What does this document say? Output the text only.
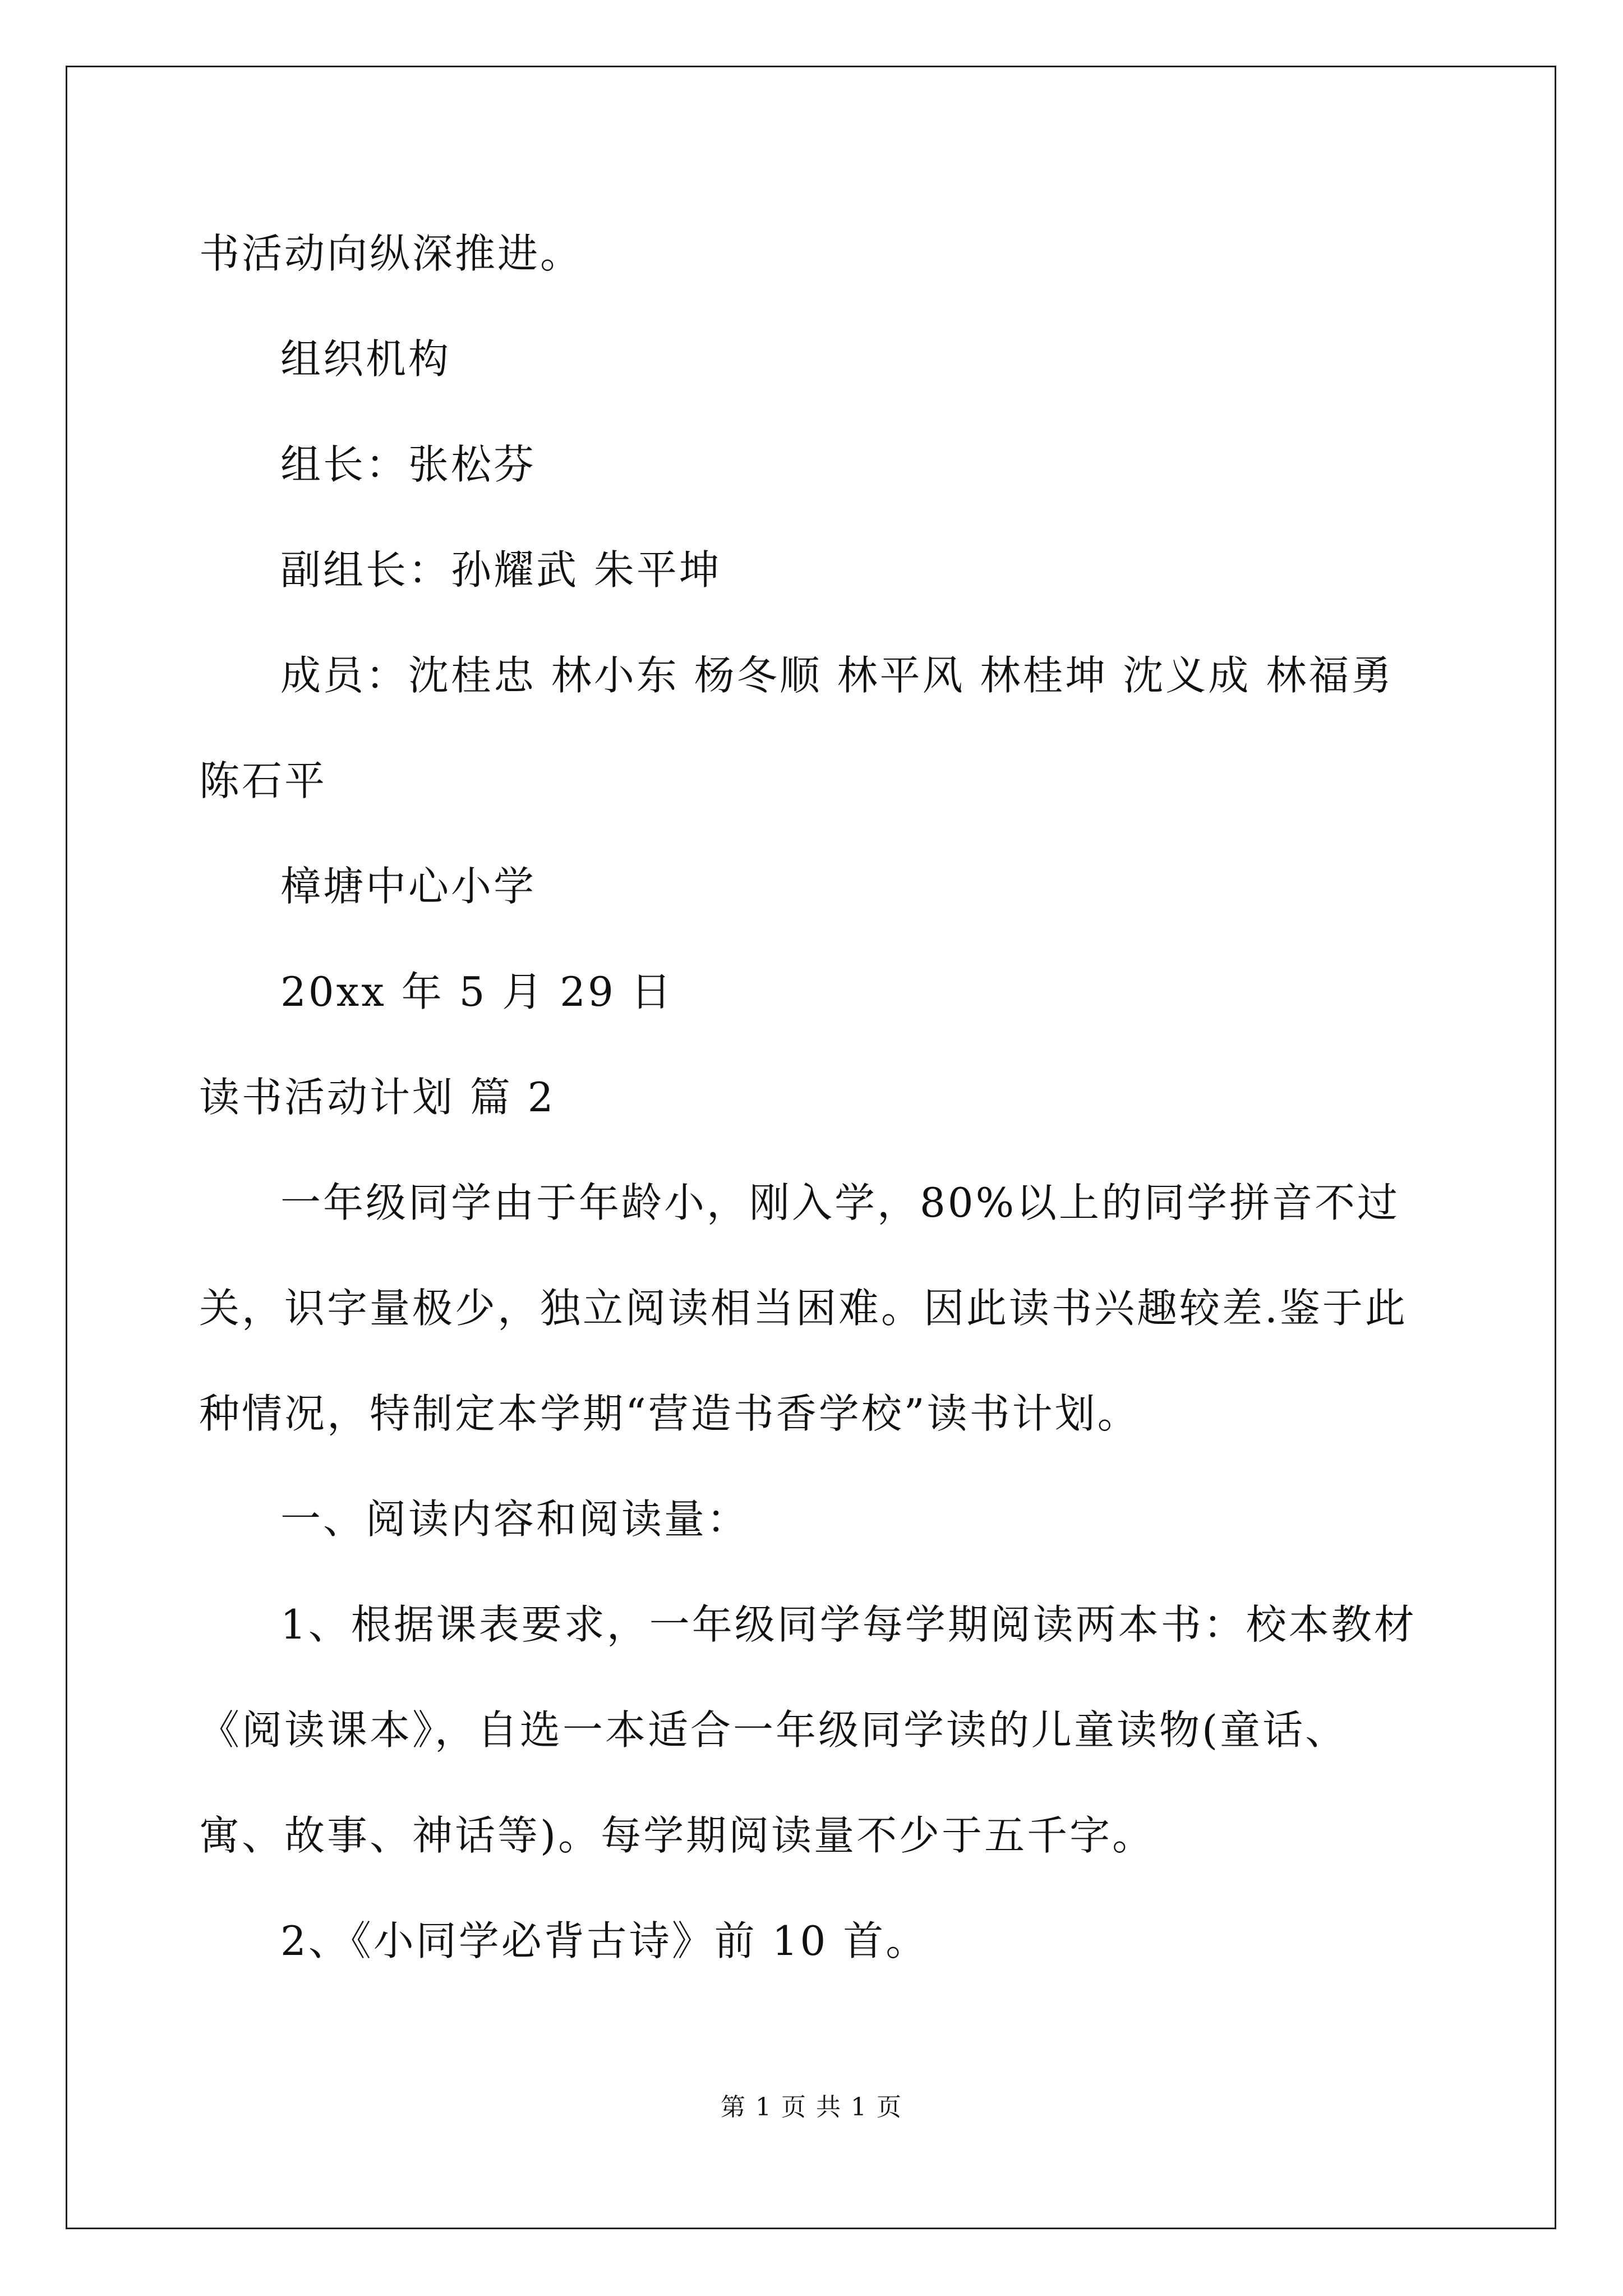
书活动向纵深推进。

组织机构

组长：张松芬

副组长：孙耀武 朱平坤

成员：沈桂忠 林小东 杨冬顺 林平风 林桂坤 沈义成 林福勇 陈石平

樟塘中心小学

20xx 年 5 月 29 日

读书活动计划 篇 2

一年级同学由于年龄小，刚入学，80%以上的同学拼音不过关，识字量极少，独立阅读相当困难。因此读书兴趣较差.鉴于此种情况，特制定本学期“营造书香学校”读书计划。

一、阅读内容和阅读量：

1、根据课表要求，一年级同学每学期阅读两本书：校本教材《阅读课本》，自选一本适合一年级同学读的儿童读物(童话、寓、故事、神话等)。每学期阅读量不少于五千字。

2、《小同学必背古诗》前 10 首。

第 1 页 共 1 页
